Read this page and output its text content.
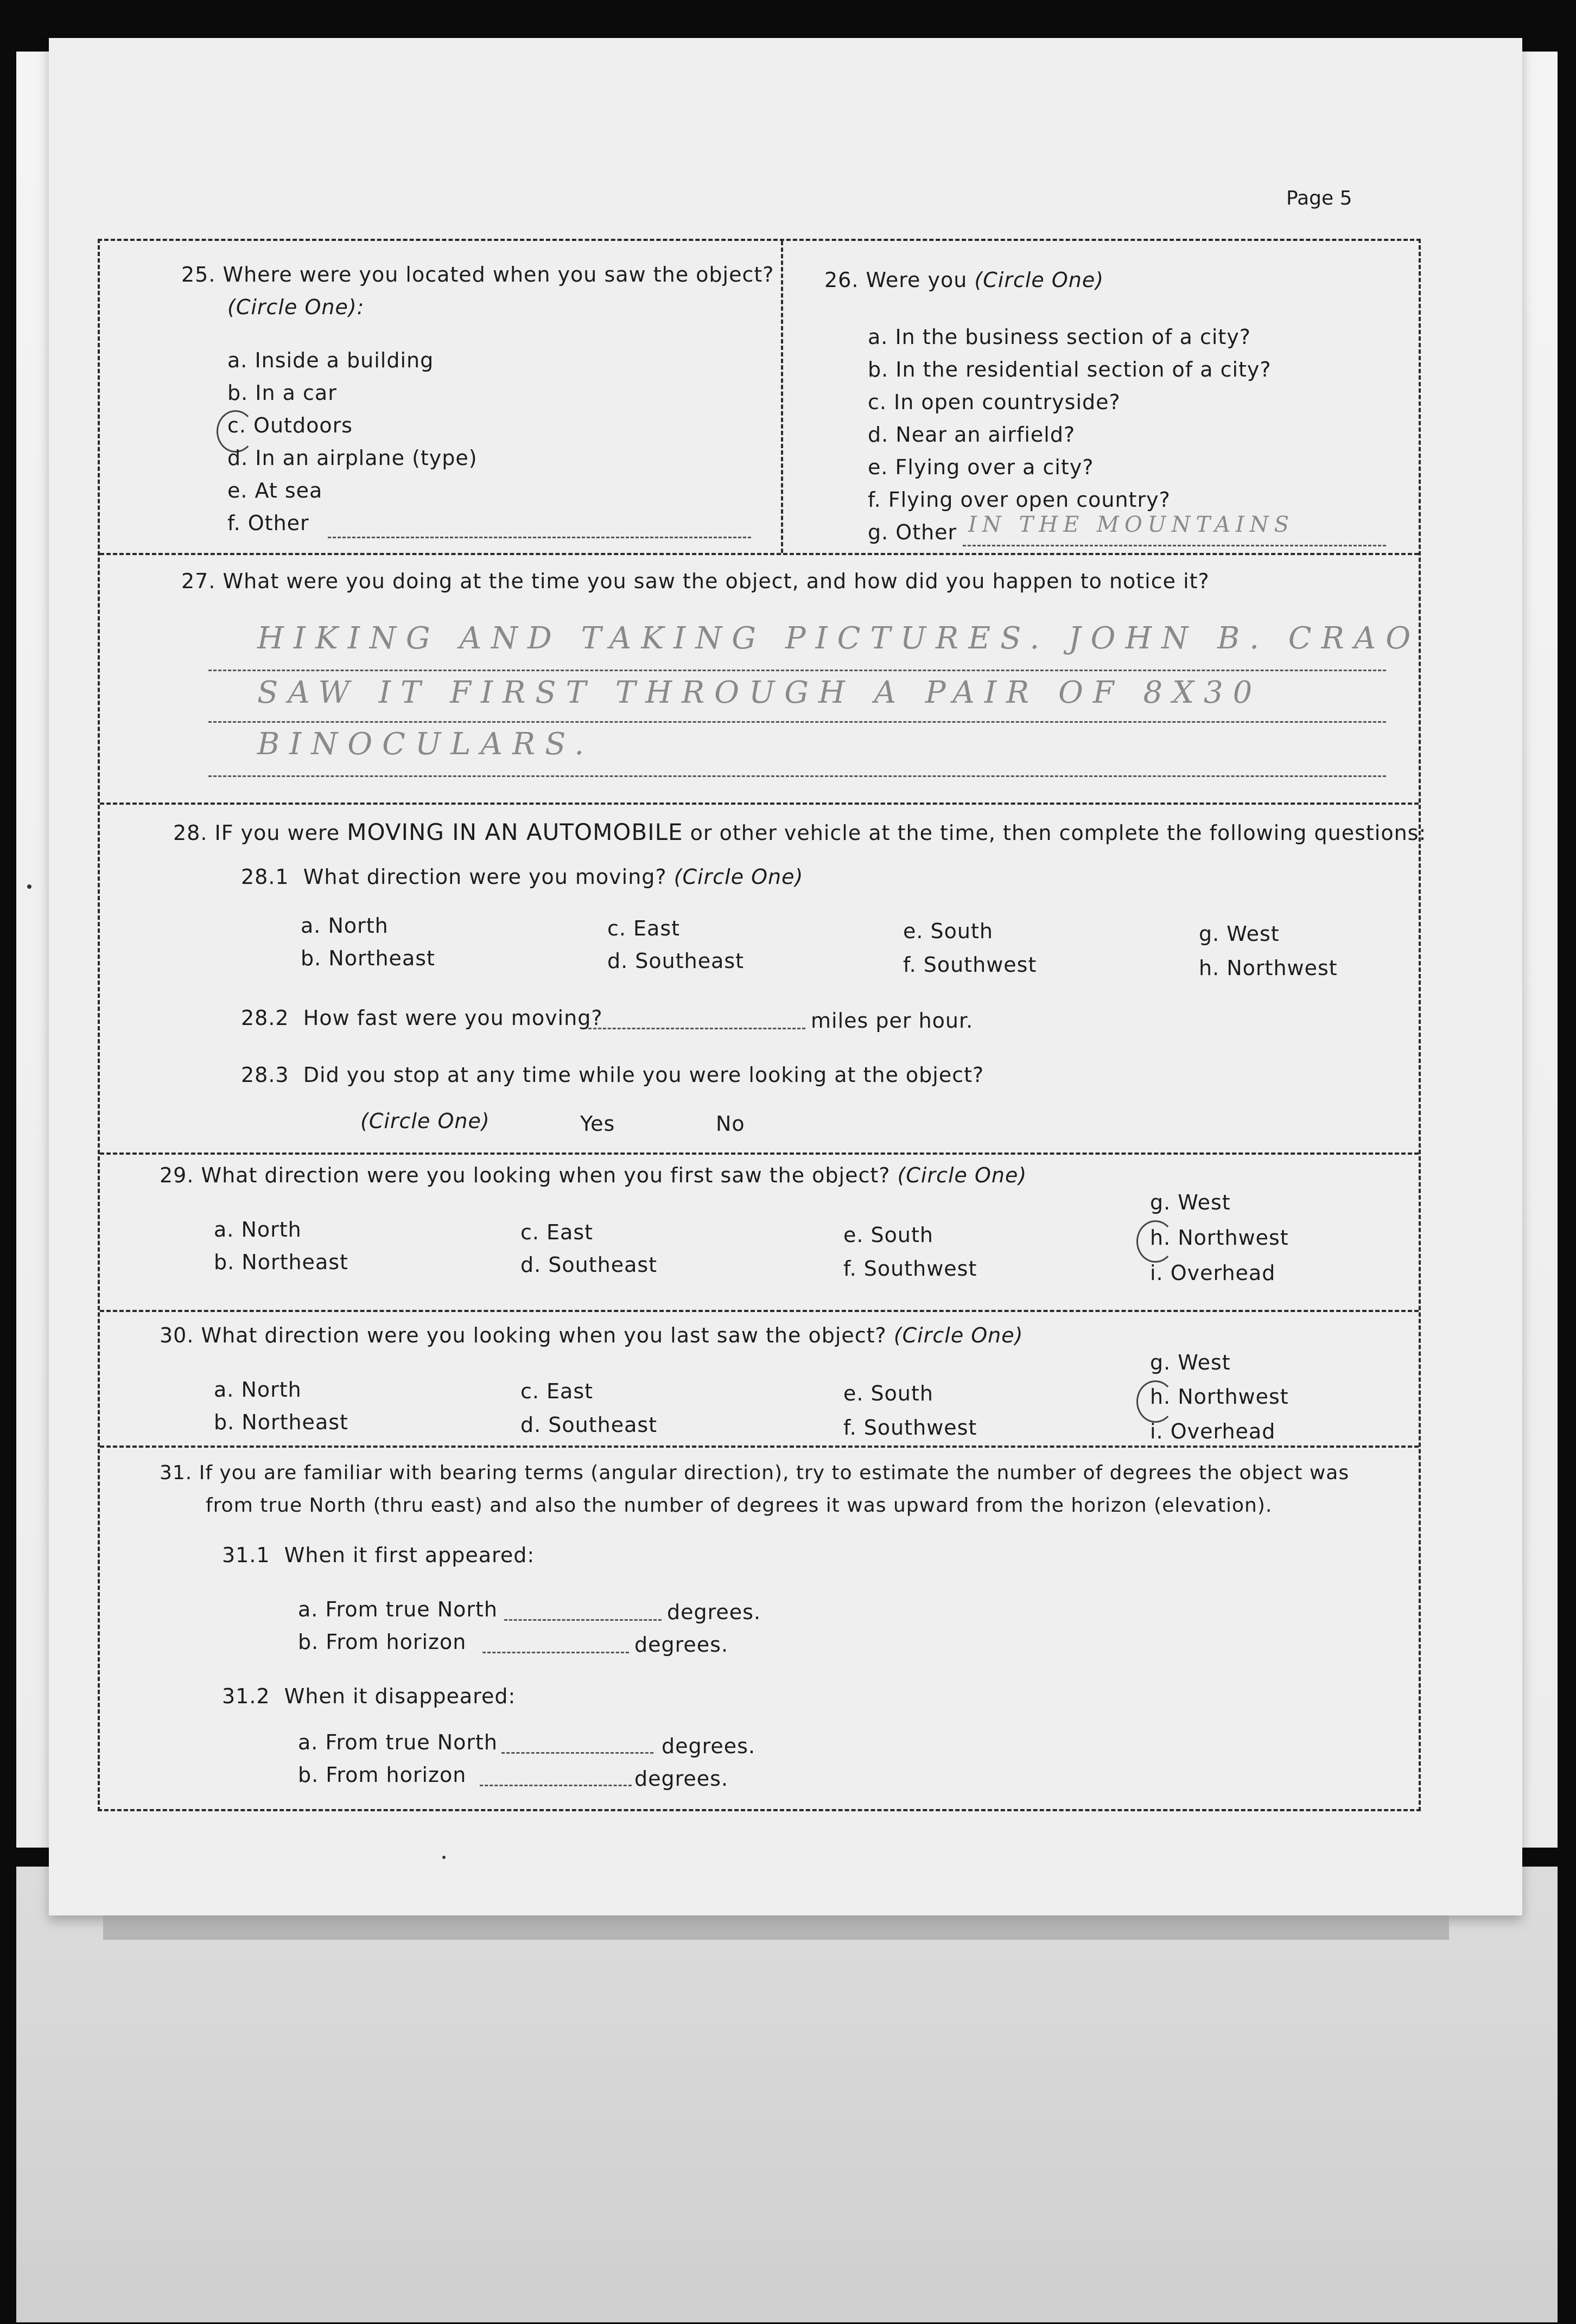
Page 5
25. Where were you located when you saw the object?
(Circle One):
a. Inside a building
b. In a car
c. Outdoors
d. In an airplane (type)
e. At sea
f. Other
26. Were you (Circle One)
a. In the business section of a city?
b. In the residential section of a city?
c. In open countryside?
d. Near an airfield?
e. Flying over a city?
f. Flying over open country?
g. Other IN THE MOUNTAINS
27. What were you doing at the time you saw the object, and how did you happen to notice it?
HIKING AND TAKING PICTURES. JOHN B. CRAO
SAW IT FIRST THROUGH A PAIR OF 8X30
BINOCULARS.
28. IF you were MOVING IN AN AUTOMOBILE or other vehicle at the time, then complete the following questions:
28.1 What direction were you moving? (Circle One)
a. North
b. Northeast
c. East
d. Southeast
e. South
f. Southwest
g. West
h. Northwest
28.2 How fast were you moving?	miles per hour.
28.3 Did you stop at any time while you were looking at the object?
(Circle One)	Yes	No
29. What direction were you looking when you first saw the object? (Circle One)
a. North
b. Northeast
c. East
d. Southeast
e. South
f. Southwest
g. West
h. Northwest
i. Overhead
30. What direction were you looking when you last saw the object? (Circle One)
a. North
b. Northeast
c. East
d. Southeast
e. South
f. Southwest
g. West
h. Northwest
i. Overhead
31. If you are familiar with bearing terms (angular direction), try to estimate the number of degrees the object was
from true North (thru east) and also the number of degrees it was upward from the horizon (elevation).
31.1 When it first appeared:
a. From true North	degrees.
b. From horizon	degrees.
31.2 When it disappeared:
a. From true North	degrees.
b. From horizon	degrees.
